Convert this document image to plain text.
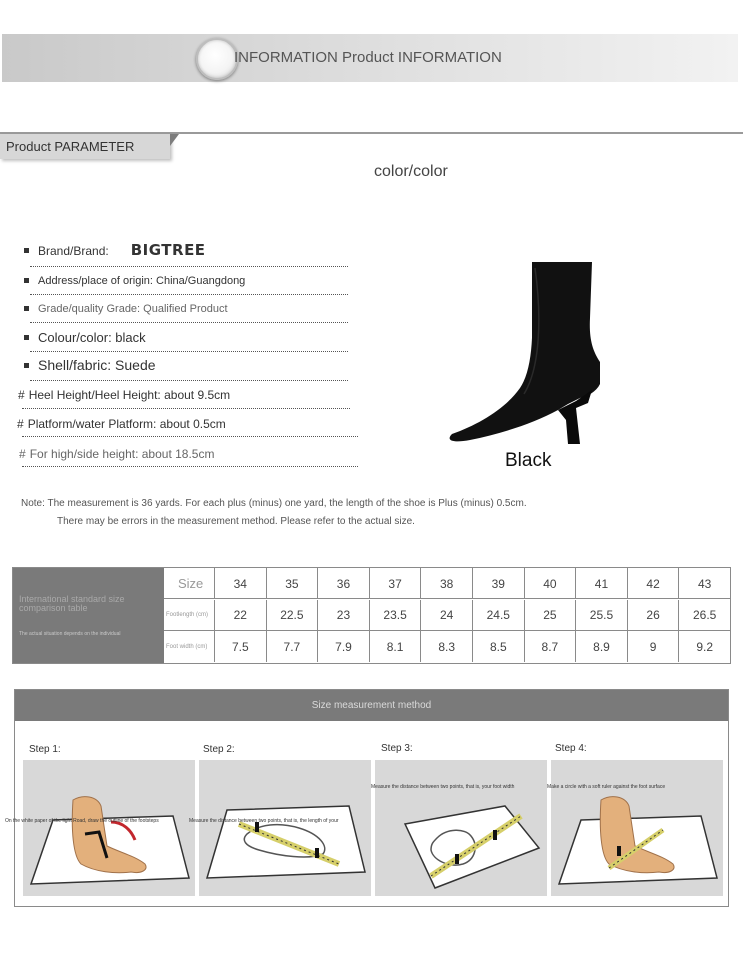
INFORMATION Product INFORMATION
Product PARAMETER
color/color
Brand/Brand: BIGTREE
Address/place of origin: China/Guangdong
Grade/quality Grade: Qualified Product
Colour/color: black
Shell/fabric: Suede
# Heel Height/Heel Height: about 9.5cm
# Platform/water Platform: about 0.5cm
# For high/side height: about 18.5cm	Black
Note: The measurement is 36 yards. For each plus (minus) one yard, the length of the shoe is Plus (minus) 0.5cm.
There may be errors in the measurement method. Please refer to the actual size.
International standard size comparison table
The actual situation depends on the individual
Size	34	35	36	37	38	39	40	41	42	43
Footlength (cm)	22	22.5	23	23.5	24	24.5	25	25.5	26	26.5
Foot width (cm)	7.5	7.7	7.9	8.1	8.3	8.5	8.7	8.9	9	9.2
Size measurement method
Step 1:	Step 2:	Step 3:	Step 4:
On the white paper of the light Road, draw the outline of the footsteps	Measure the distance between two points, that is, the length of your
Measure the distance between two points, that is, your foot width	Make a circle with a soft ruler against the foot surface
